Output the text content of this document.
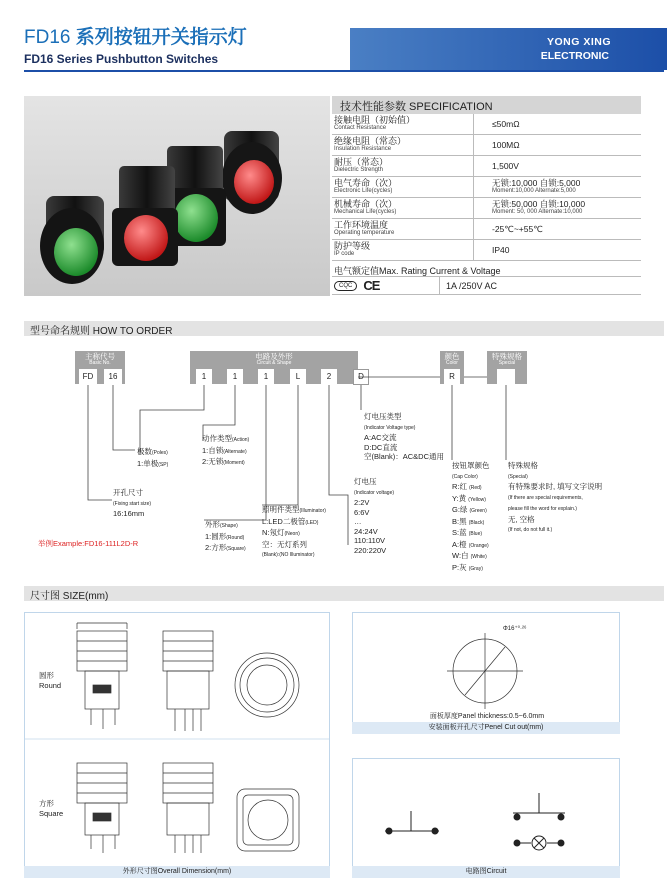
FD16 系列按钮开关指示灯
FD16 Series Pushbutton Switches
YONG XING
ELECTRONIC
技术性能参数 SPECIFICATION
接触电阻（初始值）
Contact Resistance	≤50mΩ
绝缘电阻（常态）
Insulation Resistance	100MΩ
耐压（常态）
Dielectric Strength	1,500V
电气寿命（次）
Electronic Life(cycles)
无锁:10,000 自锁:5,000
Moment:10,000 Alternate:5,000
机械寿命（次）
Mechanical Life(cycles)
无锁:50,000 自锁:10,000
Moment: 50, 000 Alternate:10,000
工作环境温度
Operating temperature	-25℃~+55℃
防护等级
IP code	IP40
电气额定值Max. Rating Current & Voltage
CQC CE	1A /250V AC
型号命名规则 HOW TO ORDER
主称代号
Basic No.
电路及外形
Circuit & Shape
颜色
Color
特殊规格
Special
FD	16	1	1	1	L	2	D	R
开孔尺寸
(Fixing start size)
16:16mm
极数(Poles)
1:单极(SP)
动作类型(Action)
1:自锁(Alternate)
2:无锁(Moment)
外形(Shape)
1:圆形(Round)
2:方形(Square)
照明件类型(Illuminator)
L:LED二极管(LED)
N:氖灯(Neon)
空：无灯系列
(Blank):(NO Illuminator)
灯电压类型
(Indicator Voltage type)
A:AC交流
D:DC直流
空(Blank)：AC&DC通用
灯电压
(Indicator voltage)
2:2V
6:6V
…
24:24V
110:110V
220:220V
按钮罩颜色
(Cap Color)
R:红 (Red)
Y:黄 (Yellow)
G:绿 (Green)
B:黑 (Black)
S:蓝 (Blue)
A:橙 (Orange)
W:白 (White)
P:灰 (Gray)
特殊规格
(Special)
有特殊要求时, 填写文字说明
(If there are special requirements,
please fill the word for explain.)
无, 空格
(If not, do not full it.)
举例Example:FD16-111L2D-R
尺寸图 SIZE(mm)
圆形
Round
方形
Square
外形尺寸图Overall Dimension(mm)
Φ16⁺⁰·²⁶
面板厚度Panel thickness:0.5~6.0mm
安装面板开孔尺寸Penel Cut out(mm)
电路图Circuit
